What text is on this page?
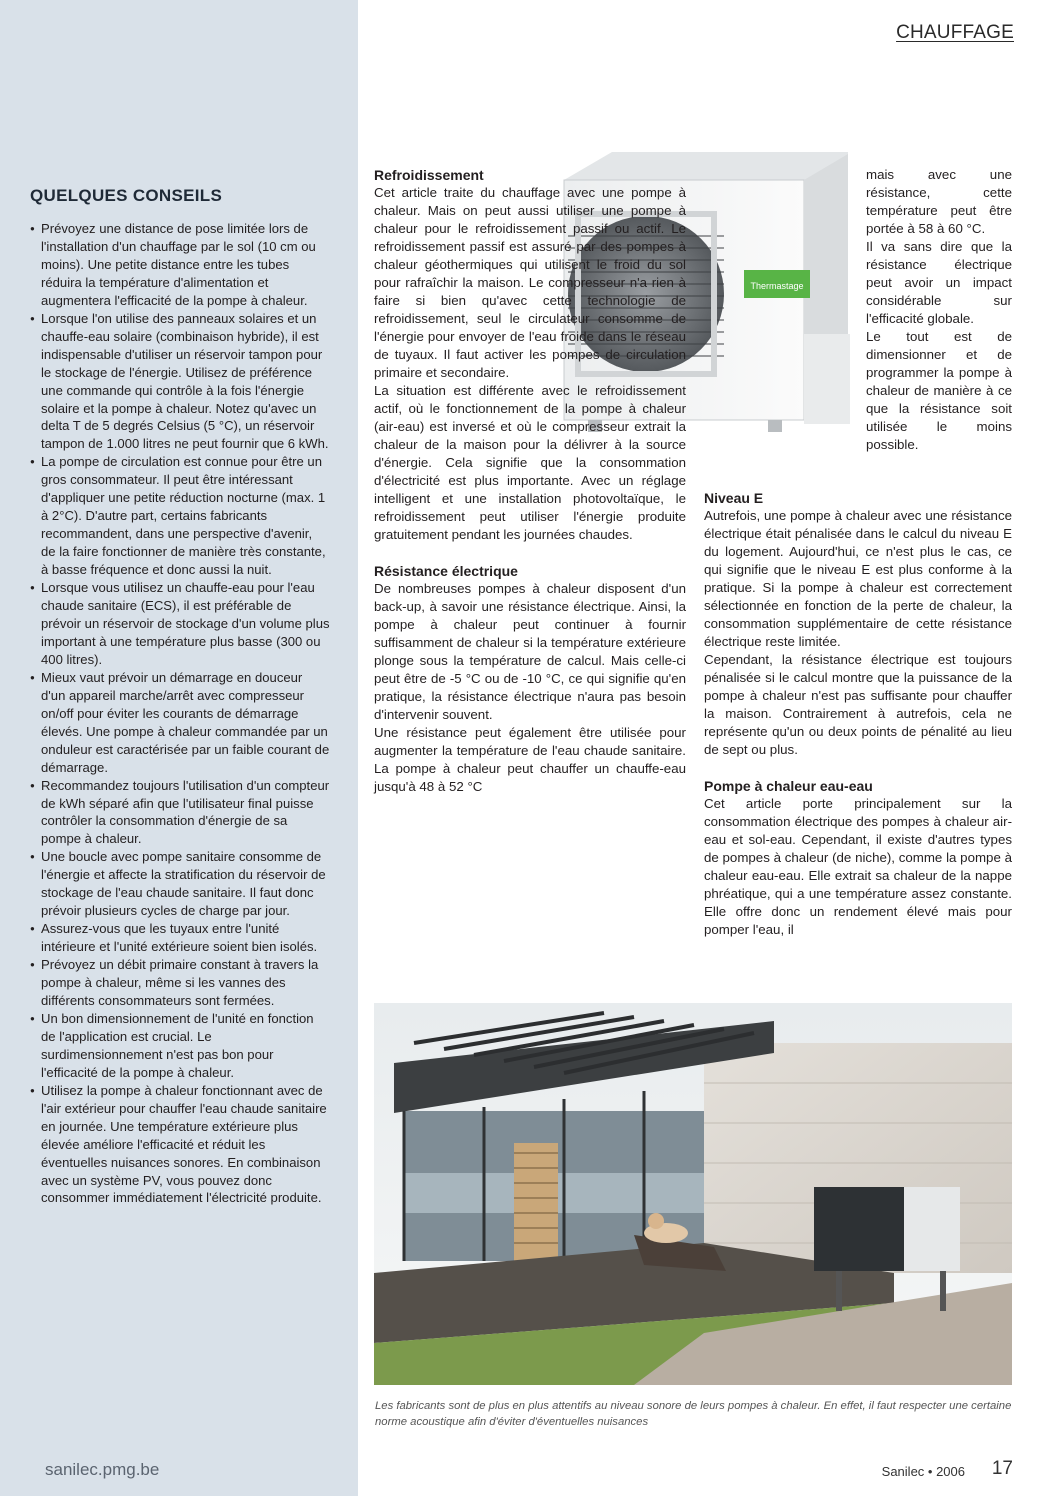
CHAUFFAGE
QUELQUES CONSEILS
● Prévoyez une distance de pose limitée lors de l'installation d'un chauffage par le sol (10 cm ou moins). Une petite distance entre les tubes réduira la température d'alimentation et augmentera l'efficacité de la pompe à chaleur.
● Lorsque l'on utilise des panneaux solaires et un chauffe-eau solaire (combinaison hybride), il est indispensable d'utiliser un réservoir tampon pour le stockage de l'énergie. Utilisez de préférence une commande qui contrôle à la fois l'énergie solaire et la pompe à chaleur. Notez qu'avec un delta T de 5 degrés Celsius (5 °C), un réservoir tampon de 1.000 litres ne peut fournir que 6 kWh.
● La pompe de circulation est connue pour être un gros consommateur. Il peut être intéressant d'appliquer une petite réduction nocturne (max. 1 à 2°C). D'autre part, certains fabricants recommandent, dans une perspective d'avenir, de la faire fonctionner de manière très constante, à basse fréquence et donc aussi la nuit.
● Lorsque vous utilisez un chauffe-eau pour l'eau chaude sanitaire (ECS), il est préférable de prévoir un réservoir de stockage d'un volume plus important à une température plus basse (300 ou 400 litres).
● Mieux vaut prévoir un démarrage en douceur d'un appareil marche/arrêt avec compresseur on/off pour éviter les courants de démarrage élevés. Une pompe à chaleur commandée par un onduleur est caractérisée par un faible courant de démarrage.
● Recommandez toujours l'utilisation d'un compteur de kWh séparé afin que l'utilisateur final puisse contrôler la consommation d'énergie de sa pompe à chaleur.
● Une boucle avec pompe sanitaire consomme de l'énergie et affecte la stratification du réservoir de stockage de l'eau chaude sanitaire. Il faut donc prévoir plusieurs cycles de charge par jour.
● Assurez-vous que les tuyaux entre l'unité intérieure et l'unité extérieure soient bien isolés.
● Prévoyez un débit primaire constant à travers la pompe à chaleur, même si les vannes des différents consommateurs sont fermées.
● Un bon dimensionnement de l'unité en fonction de l'application est crucial. Le surdimensionnement n'est pas bon pour l'efficacité de la pompe à chaleur.
● Utilisez la pompe à chaleur fonctionnant avec de l'air extérieur pour chauffer l'eau chaude sanitaire en journée. Une température extérieure plus élevée améliore l'efficacité et réduit les éventuelles nuisances sonores. En combinaison avec un système PV, vous pouvez donc consommer immédiatement l'électricité produite.
Thermastage
Refroidissement

Cet article traite du chauffage avec une pompe à chaleur. Mais on peut aussi utiliser une pompe à chaleur pour le refroidissement passif ou actif. Le refroidissement passif est assuré par des pompes à chaleur géothermiques qui utilisent le froid du sol pour rafraîchir la maison. Le compresseur n'a rien à faire si bien qu'avec cette technologie de refroidissement, seul le circulateur consomme de l'énergie pour envoyer de l'eau froide dans le réseau de tuyaux. Il faut activer les pompes de circulation primaire et secondaire.

La situation est différente avec le refroidissement actif, où le fonctionnement de la pompe à chaleur (air-eau) est inversé et où le compresseur extrait la chaleur de la maison pour la délivrer à la source d'énergie. Cela signifie que la consommation d'électricité est plus importante. Avec un réglage intelligent et une installation photovoltaïque, le refroidissement peut utiliser l'énergie produite gratuitement pendant les journées chaudes.

Résistance électrique

De nombreuses pompes à chaleur disposent d'un back-up, à savoir une résistance électrique. Ainsi, la pompe à chaleur peut continuer à fournir suffisamment de chaleur si la température extérieure plonge sous la température de calcul. Mais celle-ci peut être de -5 °C ou de -10 °C, ce qui signifie qu'en pratique, la résistance électrique n'aura pas besoin d'intervenir souvent.

Une résistance peut également être utilisée pour augmenter la température de l'eau chaude sanitaire. La pompe à chaleur peut chauffer un chauffe-eau jusqu'à 48 à 52 °C

mais avec une résistance, cette température peut être portée à 58 à 60 °C.

Il va sans dire que la résistance électrique peut avoir un impact considérable sur l'efficacité globale.

Le tout est de dimensionner et de programmer la pompe à chaleur de manière à ce que la résistance soit utilisée le moins possible.

Niveau E

Autrefois, une pompe à chaleur avec une résistance électrique était pénalisée dans le calcul du niveau E du logement. Aujourd'hui, ce n'est plus le cas, ce qui signifie que le niveau E est plus conforme à la pratique. Si la pompe à chaleur est correctement sélectionnée en fonction de la perte de chaleur, la consommation supplémentaire de cette résistance électrique reste limitée.

Cependant, la résistance électrique est toujours pénalisée si le calcul montre que la puissance de la pompe à chaleur n'est pas suffisante pour chauffer la maison. Contrairement à autrefois, cela ne représente qu'un ou deux points de pénalité au lieu de sept ou plus.

Pompe à chaleur eau-eau

Cet article porte principalement sur la consommation électrique des pompes à chaleur air-eau et sol-eau. Cependant, il existe d'autres types de pompes à chaleur (de niche), comme la pompe à chaleur eau-eau. Elle extrait sa chaleur de la nappe phréatique, qui a une température assez constante. Elle offre donc un rendement élevé mais pour pomper l'eau, il

Les fabricants sont de plus en plus attentifs au niveau sonore de leurs pompes à chaleur. En effet, il faut respecter une certaine norme acoustique afin d'éviter d'éventuelles nuisances
sanilec.pmg.be	Sanilec • 2006 17
